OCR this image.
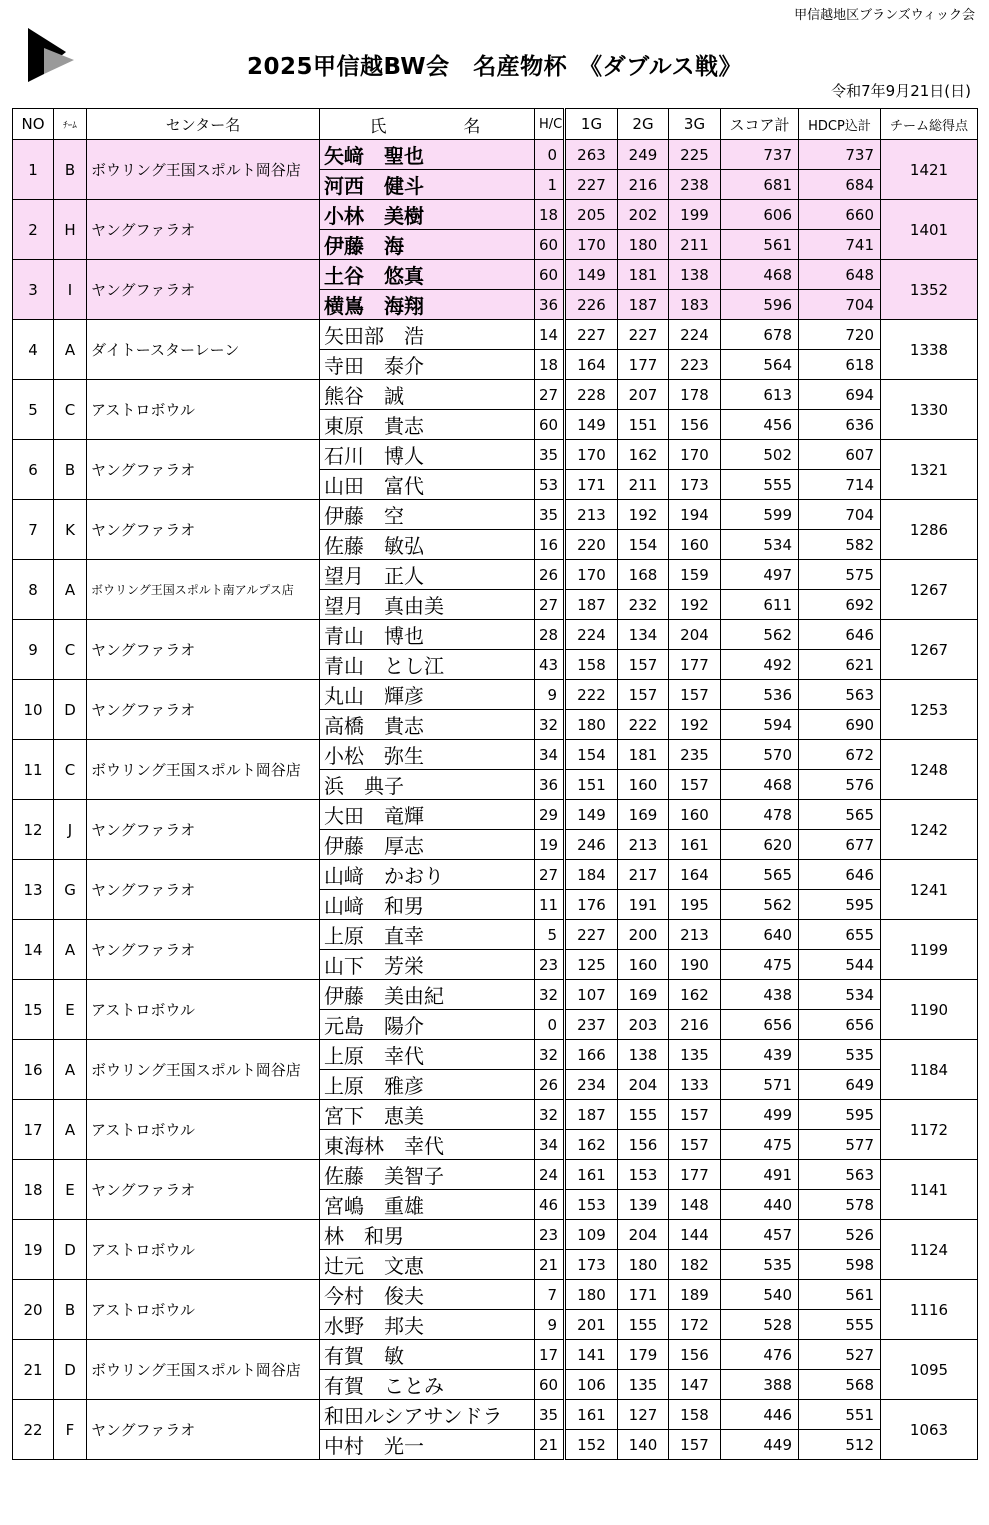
甲信越地区ブランズウィック会
2025甲信越BW会　名産物杯　《ダブルス戦》
令和7年9月21日(日)
NO	ﾁｰﾑ	センター名	氏　名	H/C	1G	2G	3G	スコア計	HDCP込計	チーム総得点
1	B	ボウリング王国スポルト岡谷店	矢﨑　聖也	0	263	249	225	737	737	1421
			河西　健斗	1	227	216	238	681	684	
2	H	ヤングファラオ	小林　美樹	18	205	202	199	606	660	1401
			伊藤　海	60	170	180	211	561	741	
3	I	ヤングファラオ	土谷　悠真	60	149	181	138	468	648	1352
			横嶌　海翔	36	226	187	183	596	704	
4	A	ダイトースターレーン	矢田部　浩	14	227	227	224	678	720	1338
			寺田　泰介	18	164	177	223	564	618	
5	C	アストロボウル	熊谷　誠	27	228	207	178	613	694	1330
			東原　貴志	60	149	151	156	456	636	
6	B	ヤングファラオ	石川　博人	35	170	162	170	502	607	1321
			山田　富代	53	171	211	173	555	714	
7	K	ヤングファラオ	伊藤　空	35	213	192	194	599	704	1286
			佐藤　敏弘	16	220	154	160	534	582	
8	A	ボウリング王国スポルト南アルプス店	望月　正人	26	170	168	159	497	575	1267
			望月　真由美	27	187	232	192	611	692	
9	C	ヤングファラオ	青山　博也	28	224	134	204	562	646	1267
			青山　とし江	43	158	157	177	492	621	
10	D	ヤングファラオ	丸山　輝彦	9	222	157	157	536	563	1253
			高橋　貴志	32	180	222	192	594	690	
11	C	ボウリング王国スポルト岡谷店	小松　弥生	34	154	181	235	570	672	1248
			浜　典子	36	151	160	157	468	576	
12	J	ヤングファラオ	大田　竜輝	29	149	169	160	478	565	1242
			伊藤　厚志	19	246	213	161	620	677	
13	G	ヤングファラオ	山﨑　かおり	27	184	217	164	565	646	1241
			山﨑　和男	11	176	191	195	562	595	
14	A	ヤングファラオ	上原　直幸	5	227	200	213	640	655	1199
			山下　芳栄	23	125	160	190	475	544	
15	E	アストロボウル	伊藤　美由紀	32	107	169	162	438	534	1190
			元島　陽介	0	237	203	216	656	656	
16	A	ボウリング王国スポルト岡谷店	上原　幸代	32	166	138	135	439	535	1184
			上原　雅彦	26	234	204	133	571	649	
17	A	アストロボウル	宮下　恵美	32	187	155	157	499	595	1172
			東海林　幸代	34	162	156	157	475	577	
18	E	ヤングファラオ	佐藤　美智子	24	161	153	177	491	563	1141
			宮嶋　重雄	46	153	139	148	440	578	
19	D	アストロボウル	林　和男	23	109	204	144	457	526	1124
			辻元　文恵	21	173	180	182	535	598	
20	B	アストロボウル	今村　俊夫	7	180	171	189	540	561	1116
			水野　邦夫	9	201	155	172	528	555	
21	D	ボウリング王国スポルト岡谷店	有賀　敏	17	141	179	156	476	527	1095
			有賀　ことみ	60	106	135	147	388	568	
22	F	ヤングファラオ	和田ルシアサンドラ	35	161	127	158	446	551	1063
			中村　光一	21	152	140	157	449	512	
